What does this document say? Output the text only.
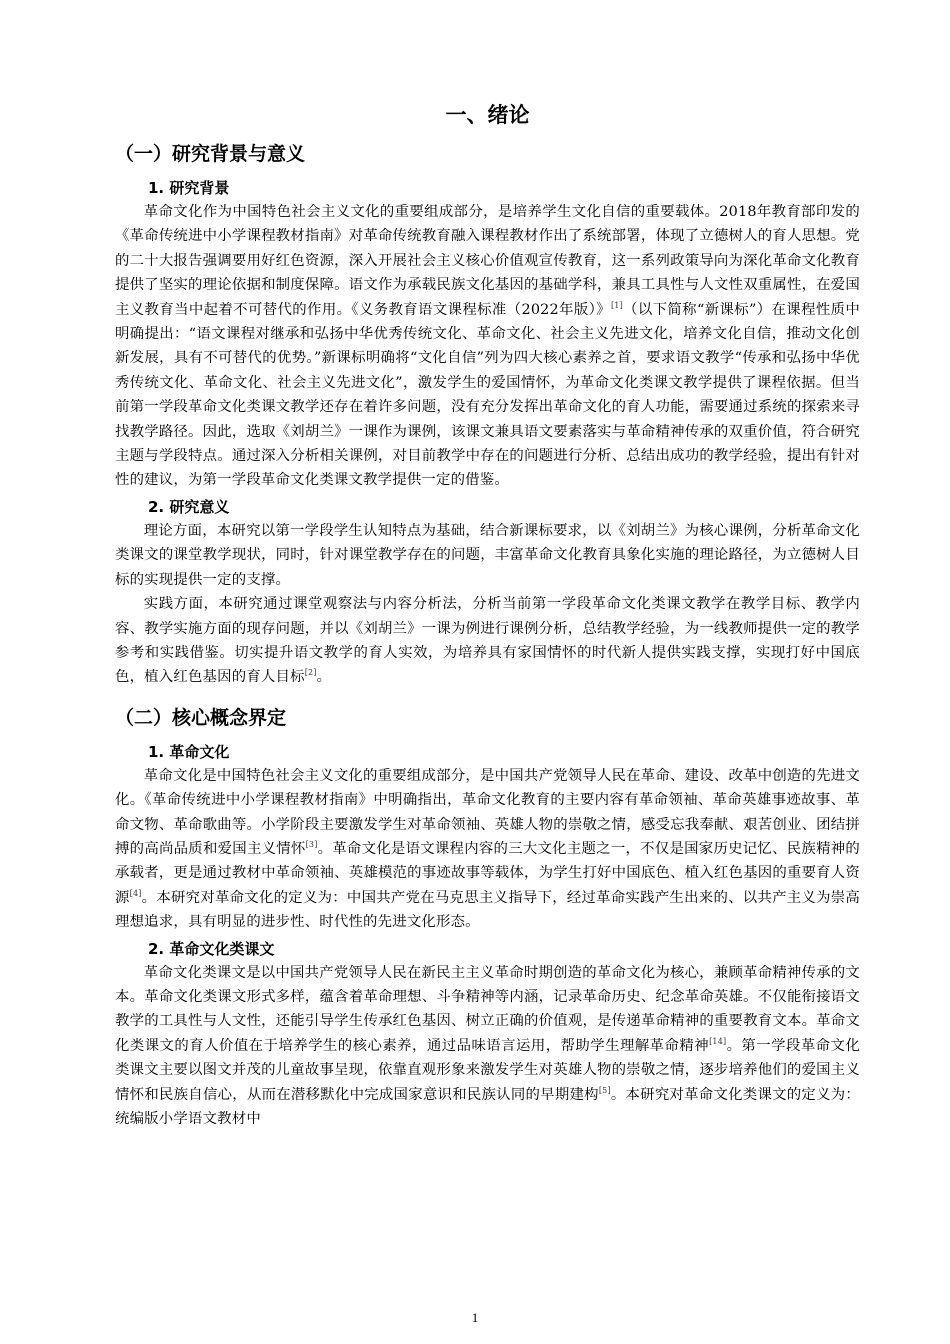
一、绪论
（一）研究背景与意义
1. 研究背景

革命文化作为中国特色社会主义文化的重要组成部分，是培养学生文化自信的重要载体。2018年教育部印发的《革命传统进中小学课程教材指南》对革命传统教育融入课程教材作出了系统部署，体现了立德树人的育人思想。党的二十大报告强调要用好红色资源，深入开展社会主义核心价值观宣传教育，这一系列政策导向为深化革命文化教育提供了坚实的理论依据和制度保障。语文作为承载民族文化基因的基础学科，兼具工具性与人文性双重属性，在爱国主义教育当中起着不可替代的作用。《义务教育语文课程标准（2022年版）》[1]（以下简称“新课标”）在课程性质中明确提出：“语文课程对继承和弘扬中华优秀传统文化、革命文化、社会主义先进文化，培养文化自信，推动文化创新发展，具有不可替代的优势。”新课标明确将“文化自信”列为四大核心素养之首，要求语文教学“传承和弘扬中华优秀传统文化、革命文化、社会主义先进文化”，激发学生的爱国情怀，为革命文化类课文教学提供了课程依据。但当前第一学段革命文化类课文教学还存在着许多问题，没有充分发挥出革命文化的育人功能，需要通过系统的探索来寻找教学路径。因此，选取《刘胡兰》一课作为课例，该课文兼具语文要素落实与革命精神传承的双重价值，符合研究主题与学段特点。通过深入分析相关课例，对目前教学中存在的问题进行分析、总结出成功的教学经验，提出有针对性的建议，为第一学段革命文化类课文教学提供一定的借鉴。

2. 研究意义

理论方面，本研究以第一学段学生认知特点为基础，结合新课标要求，以《刘胡兰》为核心课例，分析革命文化类课文的课堂教学现状，同时，针对课堂教学存在的问题，丰富革命文化教育具象化实施的理论路径，为立德树人目标的实现提供一定的支撑。

实践方面，本研究通过课堂观察法与内容分析法，分析当前第一学段革命文化类课文教学在教学目标、教学内容、教学实施方面的现存问题，并以《刘胡兰》一课为例进行课例分析，总结教学经验，为一线教师提供一定的教学参考和实践借鉴。切实提升语文教学的育人实效，为培养具有家国情怀的时代新人提供实践支撑，实现打好中国底色，植入红色基因的育人目标[2]。

（二）核心概念界定
1. 革命文化

革命文化是中国特色社会主义文化的重要组成部分，是中国共产党领导人民在革命、建设、改革中创造的先进文化。《革命传统进中小学课程教材指南》中明确指出，革命文化教育的主要内容有革命领袖、革命英雄事迹故事、革命文物、革命歌曲等。小学阶段主要激发学生对革命领袖、英雄人物的崇敬之情，感受忘我奉献、艰苦创业、团结拼搏的高尚品质和爱国主义情怀[3]。革命文化是语文课程内容的三大文化主题之一，不仅是国家历史记忆、民族精神的承载者，更是通过教材中革命领袖、英雄模范的事迹故事等载体，为学生打好中国底色、植入红色基因的重要育人资源[4]。本研究对革命文化的定义为：中国共产党在马克思主义指导下，经过革命实践产生出来的、以共产主义为崇高理想追求，具有明显的进步性、时代性的先进文化形态。

2. 革命文化类课文

革命文化类课文是以中国共产党领导人民在新民主主义革命时期创造的革命文化为核心，兼顾革命精神传承的文本。革命文化类课文形式多样，蕴含着革命理想、斗争精神等内涵，记录革命历史、纪念革命英雄。不仅能衔接语文教学的工具性与人文性，还能引导学生传承红色基因、树立正确的价值观，是传递革命精神的重要教育文本。革命文化类课文的育人价值在于培养学生的核心素养，通过品味语言运用，帮助学生理解革命精神[14]。第一学段革命文化类课文主要以图文并茂的儿童故事呈现，依靠直观形象来激发学生对英雄人物的崇敬之情，逐步培养他们的爱国主义情怀和民族自信心，从而在潜移默化中完成国家意识和民族认同的早期建构[5]。本研究对革命文化类课文的定义为：统编版小学语文教材中

1
